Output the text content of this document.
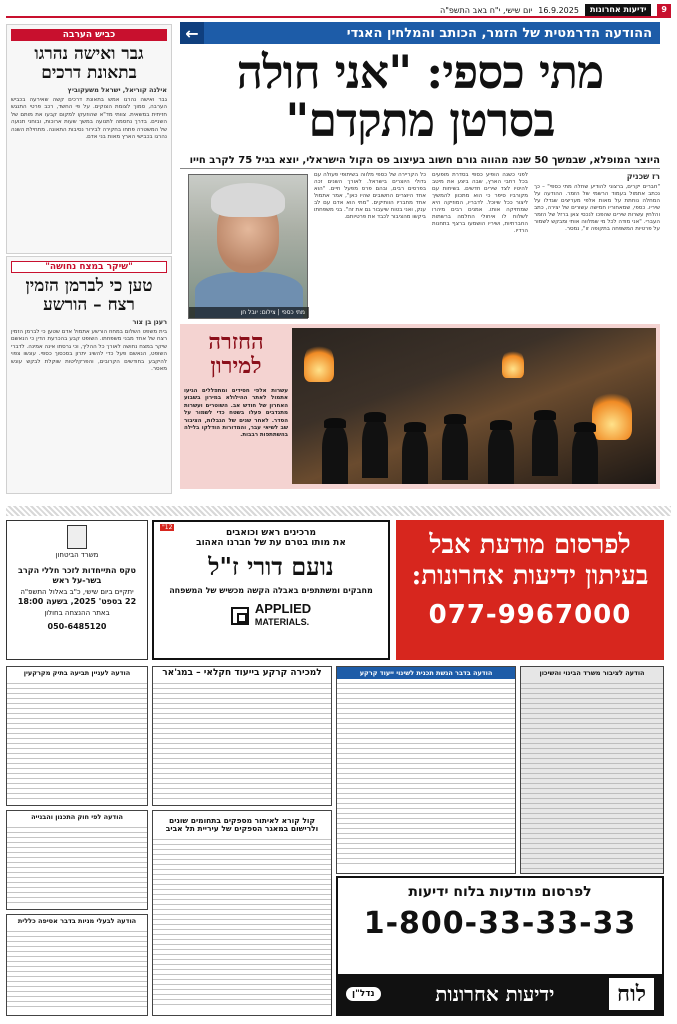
9
ידיעות אחרונות
16.9.2025
יום שישי, י"ח באב התשפ"ה
ההודעה הדרמטית של הזמר, הכותב והמלחין האגדי
←
מתי כספי: "אני חולה
בסרטן מתקדם"
היוצר המופלא, שבמשך 50 שנה מהווה גורם חשוב בעיצוב פס הקול הישראלי, יוצא בגיל 75 לקרב חייו
רז שכניק
"חברים יקרים, ברצוני להודיע שחלה מתי כספי" – כך נכתב אתמול בעמוד הרשמי של הזמר. ההודעה על המחלה נוחתת על מאות אלפי מעריצים שגדלו על שיריו. כספי, שמאחוריו חמישה עשורים של יצירה, כתב והלחין עשרות שירים שהפכו לנכסי צאן ברזל של הזמר העברי. "אני מודה לכל מי שמלווה אותי ומבקש לשמור על פרטיות המשפחה בתקופה זו", נמסר.
לפני כשנה הופיע כספי בסדרת מופעים בכל רחבי הארץ, שבה ביצע את מיטב להיטיו לצד שירים חדשים. בשיחות עם מקורביו סיפר כי הוא מתכוון להמשיך ליצור ככל שיוכל. לדבריו, המוזיקה היא שמחזיקה אותו. אמנים רבים מיהרו לשלוח לו איחולי החלמה ברשתות החברתיות, ושיריו הושמעו ברצף בתחנות הרדיו.
כל הקריירה של כספי מלווה בשיתופי פעולה עם גדולי היוצרים בישראל. לאורך השנים זכה בפרסים רבים, ובהם פרס מפעל חיים. "הוא אחד היוצרים החשובים שהיו כאן", אמר אתמול אחד מחבריו הוותיקים. "מתי הוא אדם עם לב ענק, ואני בטוח שיעבור גם את זה". בני משפחתו ביקשו מהציבור לכבד את פרטיותם.
מתי כספי | צילום: יובל חן
החזרה
למירון
עשרות אלפי חסידים ומתפללים הגיעו אתמול לאתר ההילולא במירון בשבוע האחרון של חודש אב. השוטרים ועשרות מתנדבים פעלו בשטח כדי לשמור על הסדר. לאחר שנים של הגבלות, הציבור שב לשיאי עבר, והמדורות הודלקו בלילה בהשתתפות רבבות.
כביש הערבה
גבר ואישה נהרגו בתאונת דרכים
אילנה קוריאל, ישראל משעקוביץ
גבר ואישה נהרגו אמש בתאונת דרכים קשה שאירעה בכביש הערבה, סמוך לצומת הצוקים. על פי החשד, רכב פרטי התנגש חזיתית במשאית. צוותי מד"א שהוזעקו למקום קבעו את מותם של השניים. בדרך נחסמה לתנועה במשך שעות ארוכות, ובוחני תנועה של המשטרה פתחו בחקירה לבירור נסיבות התאונה. מתחילת השנה נהרגו בכבישי הארץ מאות בני אדם.
"שיקר במצח נחושה"
טען כי לברמן הזמין רצח – הורשע
רענן בן צור
בית משפט השלום במחוז הורשע אתמול אדם שטען כי לברמן הזמין רצח של אחד מבני משפחתו. השופט קבע בהכרעת הדין כי הנאשם שיקר במצח נחושה לאורך כל ההליך, וכי גרסתו אינה אמינה. לדברי השופט, הנאשם פעל כדי להשיג יתרון בסכסוך כספי. עונשו צפוי להיקבע בחודשים הקרובים, והפרקליטות שוקלת לבקש עונש מאסר.
משרד הביטחון
טקס התייחדות לזכר חללי הקרב בשר-על ראש
יתקיים ביום שישי, כ"ב באלול התשפ"ה
22 בספט' 2025, בשעה 18:00
באתר ההנצחה בחולון
050-6485120
12"
מרכינים ראש וכואבים
את מותו בטרם עת של חברנו האהוב
נועם דורי ז"ל
מחבקים ומשתתפים באבלה הקשה מכשיש של המשפחה
APPLIED
MATERIALS.
לפרסום מודעת אבל
בעיתון ידיעות אחרונות:
077-9967000
הודעה לציבור משרד הבינוי והשיכון
הודעה בדבר הגשת תכנית לשינוי ייעוד קרקע
למכירה קרקע בייעוד חקלאי – במג'אר
הודעה לעניין תביעה בתיק מקרקעין
קול קורא לאיתור מספקים בתחומים שונים ולרישום במאגר הספקים של עיריית תל אביב
הודעה לפי חוק התכנון והבנייה
הודעה לבעלי מניות בדבר אסיפה כללית
לפרסום מודעות בלוח ידיעות
1-800-33-33-33
לוח
ידיעות אחרונות
נדל"ן
